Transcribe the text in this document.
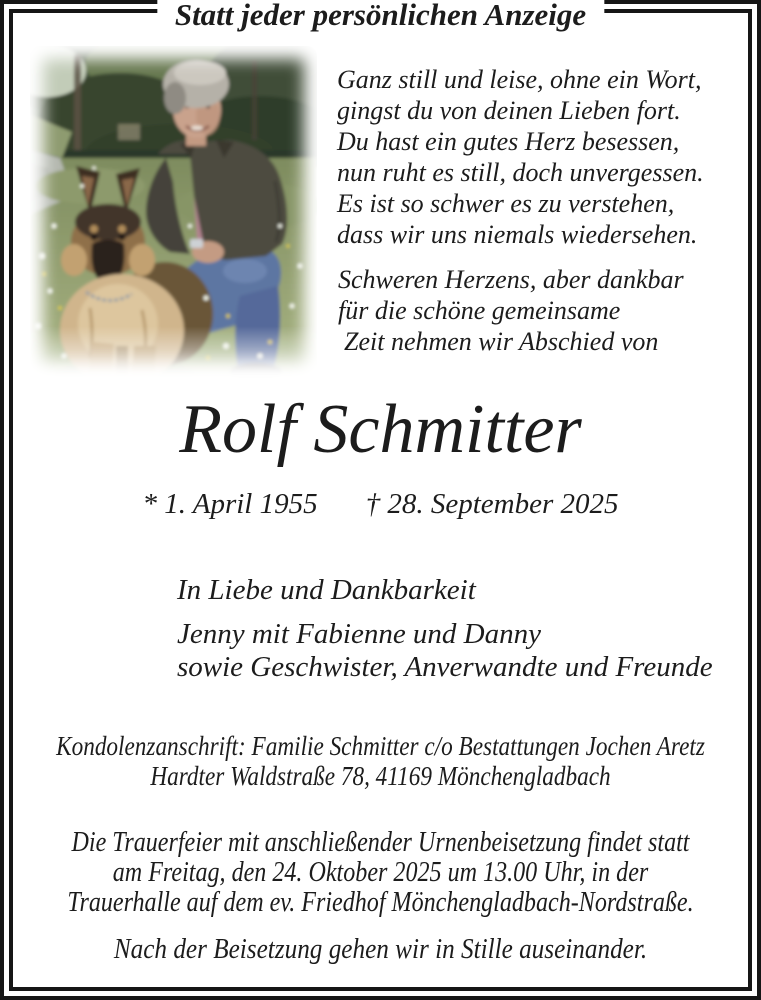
Statt jeder persönlichen Anzeige
Ganz still und leise, ohne ein Wort,
gingst du von deinen Lieben fort.
Du hast ein gutes Herz besessen,
nun ruht es still, doch unvergessen.
Es ist so schwer es zu verstehen,
dass wir uns niemals wiedersehen.
Schweren Herzens, aber dankbar
für die schöne gemeinsame
Zeit nehmen wir Abschied von
Rolf Schmitter
* 1. April 1955 † 28. September 2025
In Liebe und Dankbarkeit
Jenny mit Fabienne und Danny
sowie Geschwister, Anverwandte und Freunde
Kondolenzanschrift: Familie Schmitter c/o Bestattungen Jochen Aretz
Hardter Waldstraße 78, 41169 Mönchengladbach
Die Trauerfeier mit anschließender Urnenbeisetzung findet statt
am Freitag, den 24. Oktober 2025 um 13.00 Uhr, in der
Trauerhalle auf dem ev. Friedhof Mönchengladbach-Nordstraße.
Nach der Beisetzung gehen wir in Stille auseinander.
